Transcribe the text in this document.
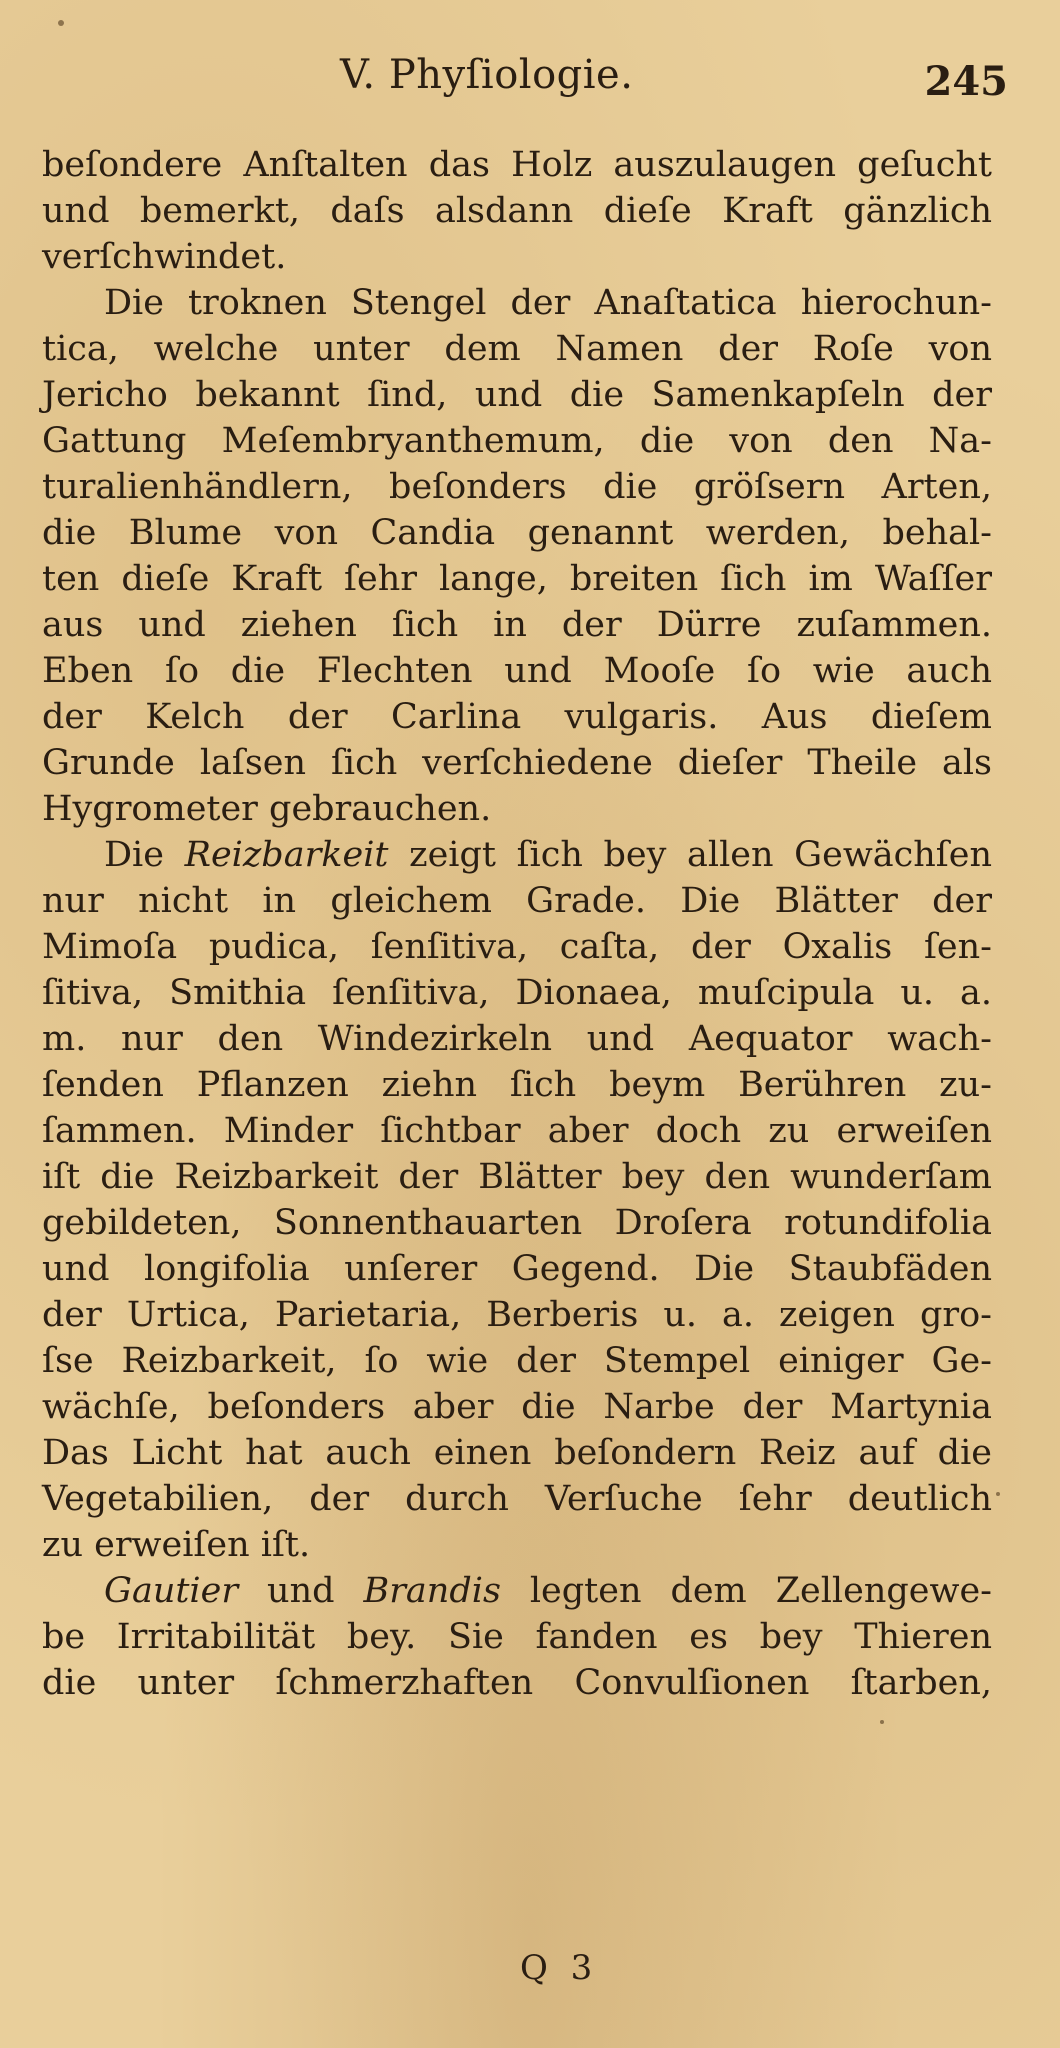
V. Phyſiologie.	245
beſondere Anſtalten das Holz auszulaugen geſucht
und bemerkt, daſs alsdann dieſe Kraft gänzlich
verſchwindet.
Die troknen Stengel der Anaſtatica hierochun-
tica, welche unter dem Namen der Roſe von
Jericho bekannt ſind, und die Samenkapſeln der
Gattung Meſembryanthemum, die von den Na-
turalienhändlern, beſonders die gröſsern Arten,
die Blume von Candia genannt werden, behal-
ten dieſe Kraft ſehr lange, breiten ſich im Waſſer
aus und ziehen ſich in der Dürre zuſammen.
Eben ſo die Flechten und Mooſe ſo wie auch
der Kelch der Carlina vulgaris. Aus dieſem
Grunde laſsen ſich verſchiedene dieſer Theile als
Hygrometer gebrauchen.
Die Reizbarkeit zeigt ſich bey allen Gewächſen
nur nicht in gleichem Grade. Die Blätter der
Mimoſa pudica, ſenſitiva, caſta, der Oxalis ſen-
ſitiva, Smithia ſenſitiva, Dionaea, muſcipula u. a.
m. nur den Windezirkeln und Aequator wach-
ſenden Pflanzen ziehn ſich beym Berühren zu-
ſammen. Minder ſichtbar aber doch zu erweiſen
iſt die Reizbarkeit der Blätter bey den wunderſam
gebildeten, Sonnenthauarten Droſera rotundifolia
und longifolia unſerer Gegend. Die Staubfäden
der Urtica, Parietaria, Berberis u. a. zeigen gro-
ſse Reizbarkeit, ſo wie der Stempel einiger Ge-
wächſe, beſonders aber die Narbe der Martynia
Das Licht hat auch einen beſondern Reiz auf die
Vegetabilien, der durch Verſuche ſehr deutlich
zu erweiſen iſt.
Gautier und Brandis legten dem Zellengewe-
be Irritabilität bey. Sie fanden es bey Thieren
die unter ſchmerzhaften Convulſionen ſtarben,
Q 3
